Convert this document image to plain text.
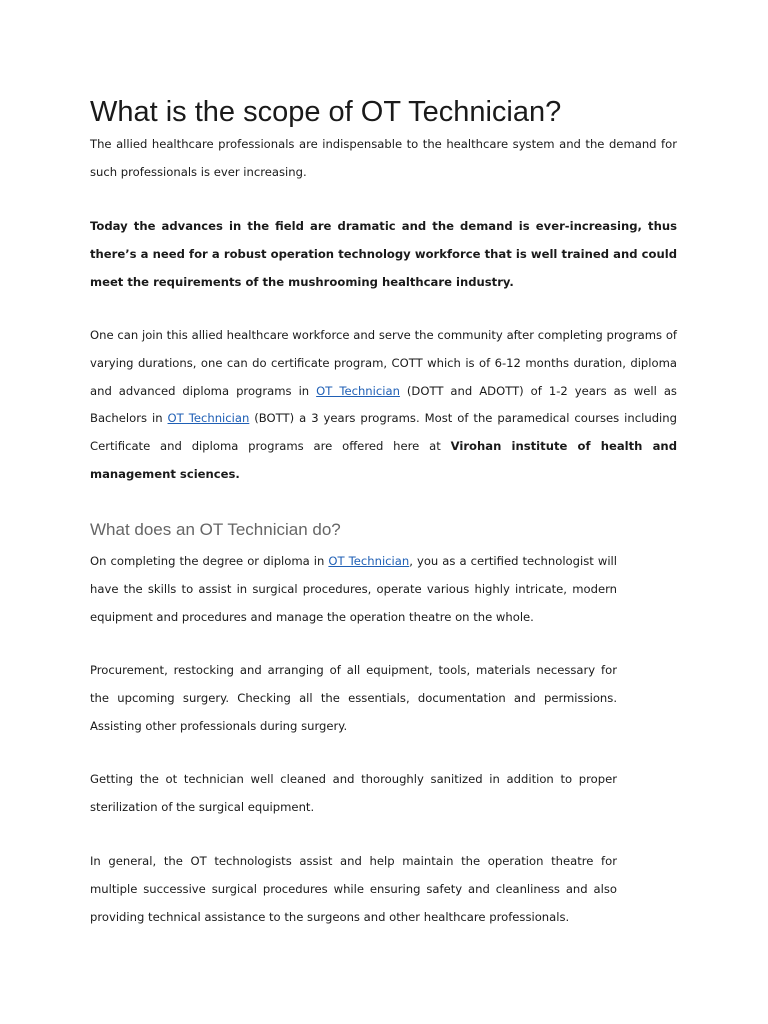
What is the scope of OT Technician?

The allied healthcare professionals are indispensable to the healthcare system and the demand for such professionals is ever increasing.

Today the advances in the field are dramatic and the demand is ever-increasing, thus there’s a need for a robust operation technology workforce that is well trained and could meet the requirements of the mushrooming healthcare industry.

One can join this allied healthcare workforce and serve the community after completing programs of varying durations, one can do certificate program, COTT which is of 6-12 months duration, diploma and advanced diploma programs in OT Technician (DOTT and ADOTT) of 1-2 years as well as Bachelors in OT Technician (BOTT) a 3 years programs. Most of the paramedical courses including Certificate and diploma programs are offered here at Virohan institute of health and management sciences.

What does an OT Technician do?

On completing the degree or diploma in OT Technician, you as a certified technologist will have the skills to assist in surgical procedures, operate various highly intricate, modern equipment and procedures and manage the operation theatre on the whole.

Procurement, restocking and arranging of all equipment, tools, materials necessary for the upcoming surgery. Checking all the essentials, documentation and permissions. Assisting other professionals during surgery.

Getting the ot technician well cleaned and thoroughly sanitized in addition to proper sterilization of the surgical equipment.

In general, the OT technologists assist and help maintain the operation theatre for multiple successive surgical procedures while ensuring safety and cleanliness and also providing technical assistance to the surgeons and other healthcare professionals.
